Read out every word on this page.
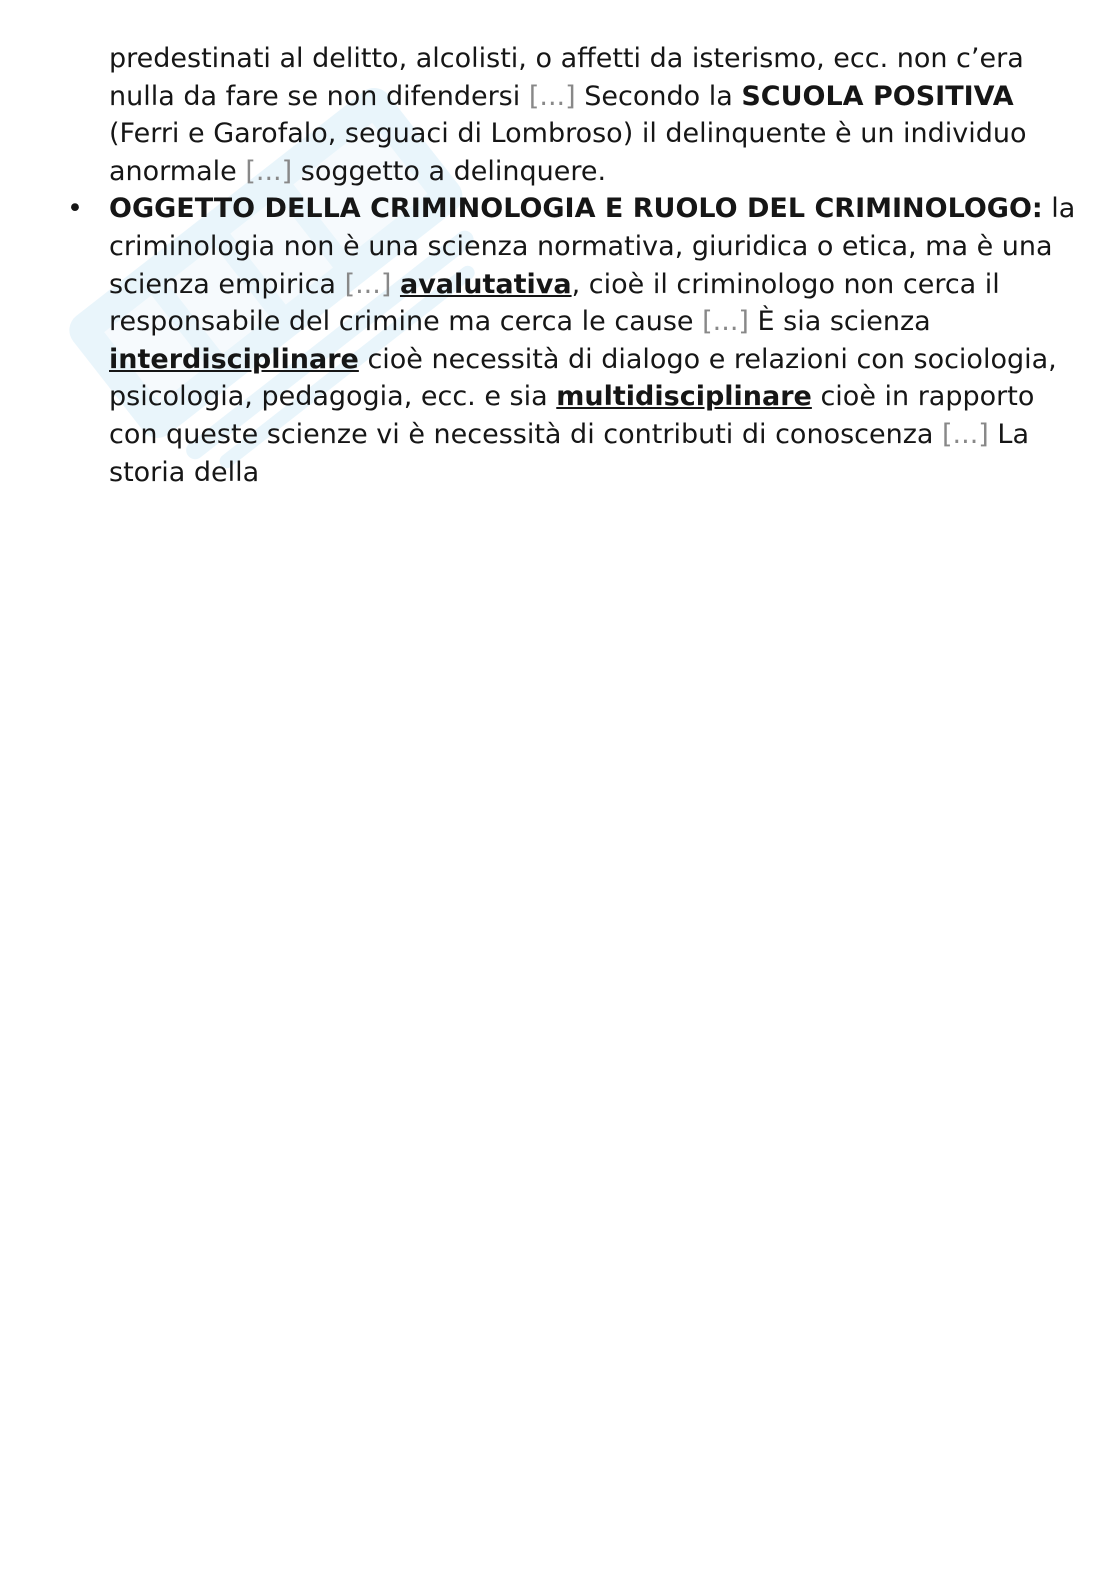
predestinati al delitto, alcolisti, o affetti da isterismo, ecc. non c’era nulla da fare se non difendersi [...] Secondo la SCUOLA POSITIVA (Ferri e Garofalo, seguaci di Lombroso) il delinquente è un individuo anormale [...] soggetto a delinquere.

• OGGETTO DELLA CRIMINOLOGIA E RUOLO DEL CRIMINOLOGO: la criminologia non è una scienza normativa, giuridica o etica, ma è una scienza empirica [...] avalutativa, cioè il criminologo non cerca il responsabile del crimine ma cerca le cause [...] È sia scienza interdisciplinare cioè necessità di dialogo e relazioni con sociologia, psicologia, pedagogia, ecc. e sia multidisciplinare cioè in rapporto con queste scienze vi è necessità di contributi di conoscenza [...] La storia della
